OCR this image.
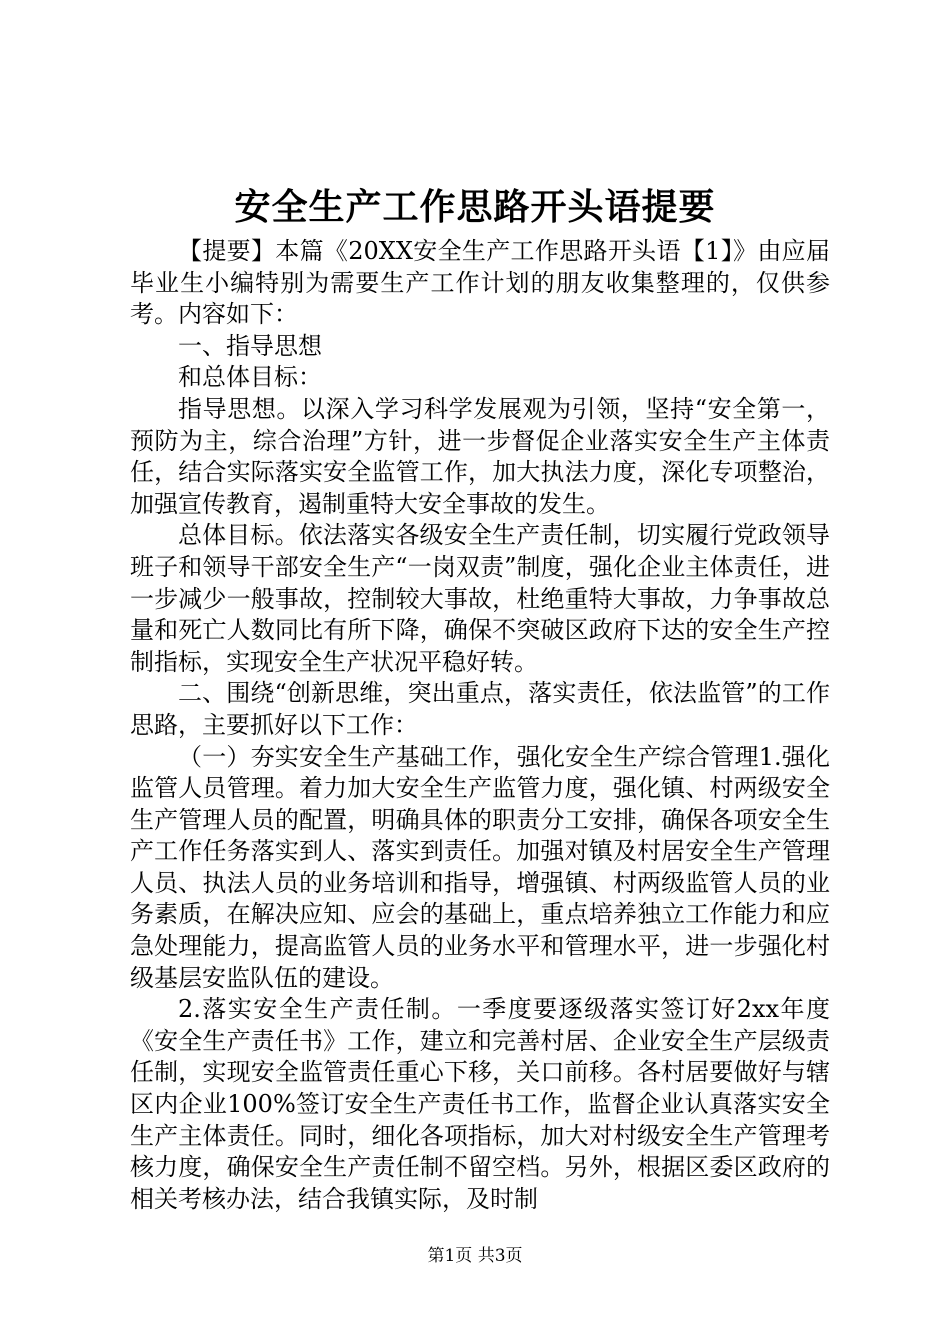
安全生产工作思路开头语提要

【提要】本篇《20XX安全生产工作思路开头语【1】》由应届毕业生小编特别为需要生产工作计划的朋友收集整理的，仅供参考。内容如下：

一、指导思想

和总体目标：

指导思想。以深入学习科学发展观为引领，坚持“安全第一，预防为主，综合治理”方针，进一步督促企业落实安全生产主体责任，结合实际落实安全监管工作，加大执法力度，深化专项整治，加强宣传教育，遏制重特大安全事故的发生。

总体目标。依法落实各级安全生产责任制，切实履行党政领导班子和领导干部安全生产“一岗双责”制度，强化企业主体责任，进一步减少一般事故，控制较大事故，杜绝重特大事故，力争事故总量和死亡人数同比有所下降，确保不突破区政府下达的安全生产控制指标，实现安全生产状况平稳好转。

二、围绕“创新思维，突出重点，落实责任，依法监管”的工作思路，主要抓好以下工作：

（一）夯实安全生产基础工作，强化安全生产综合管理1.强化监管人员管理。着力加大安全生产监管力度，强化镇、村两级安全生产管理人员的配置，明确具体的职责分工安排，确保各项安全生产工作任务落实到人、落实到责任。加强对镇及村居安全生产管理人员、执法人员的业务培训和指导，增强镇、村两级监管人员的业务素质，在解决应知、应会的基础上，重点培养独立工作能力和应急处理能力，提高监管人员的业务水平和管理水平，进一步强化村级基层安监队伍的建设。

2.落实安全生产责任制。一季度要逐级落实签订好2xx年度《安全生产责任书》工作，建立和完善村居、企业安全生产层级责任制，实现安全监管责任重心下移，关口前移。各村居要做好与辖区内企业100%签订安全生产责任书工作，监督企业认真落实安全生产主体责任。同时，细化各项指标，加大对村级安全生产管理考核力度，确保安全生产责任制不留空档。另外，根据区委区政府的相关考核办法，结合我镇实际，及时制

第1页 共3页
